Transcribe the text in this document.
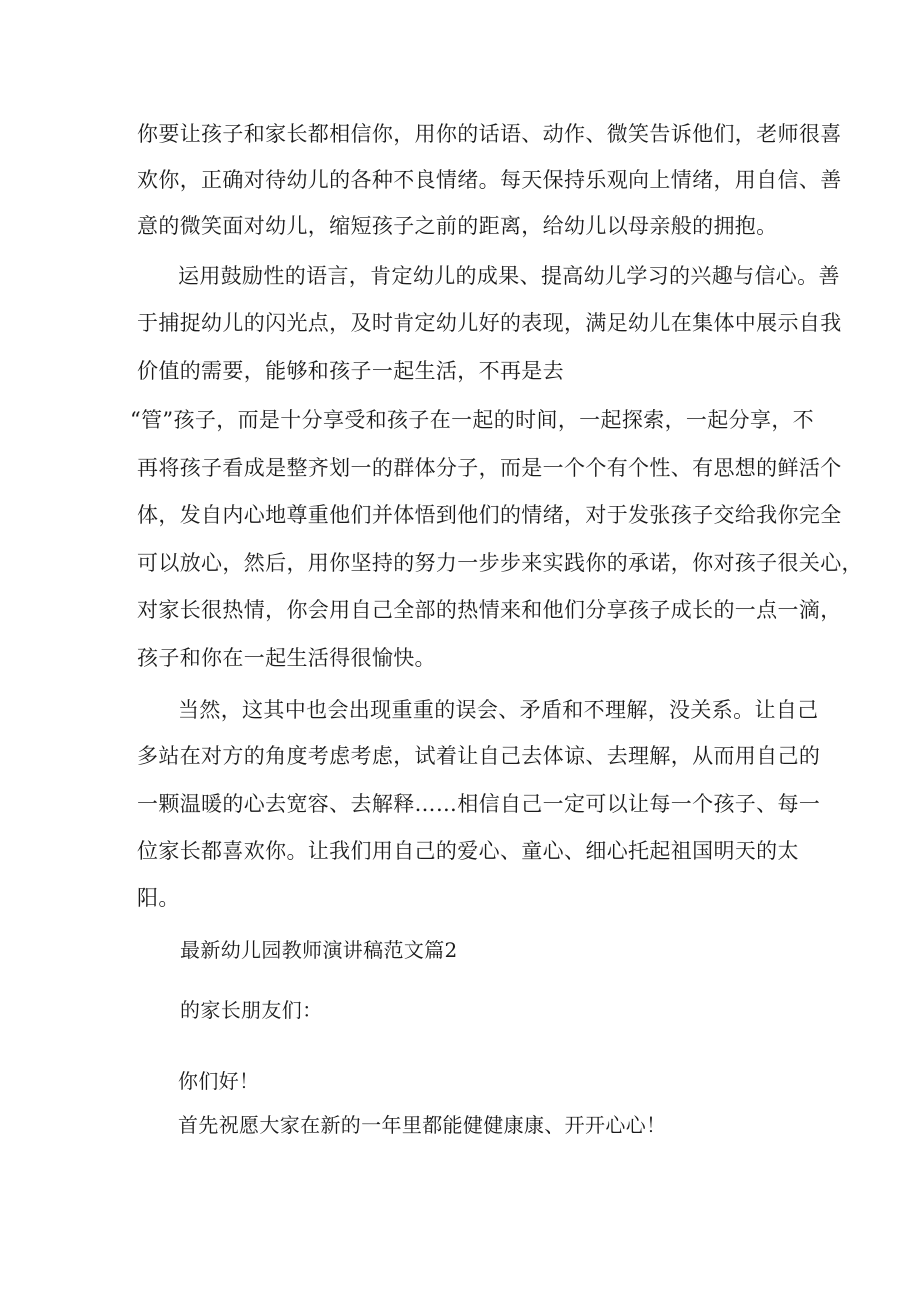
你要让孩子和家长都相信你，用你的话语、动作、微笑告诉他们，老师很喜
欢你，正确对待幼儿的各种不良情绪。每天保持乐观向上情绪，用自信、善
意的微笑面对幼儿，缩短孩子之前的距离，给幼儿以母亲般的拥抱。
运用鼓励性的语言，肯定幼儿的成果、提高幼儿学习的兴趣与信心。善
于捕捉幼儿的闪光点，及时肯定幼儿好的表现，满足幼儿在集体中展示自我
价值的需要，能够和孩子一起生活，不再是去
“管”孩子，而是十分享受和孩子在一起的时间，一起探索，一起分享，不
再将孩子看成是整齐划一的群体分子，而是一个个有个性、有思想的鲜活个
体，发自内心地尊重他们并体悟到他们的情绪，对于发张孩子交给我你完全
可以放心，然后，用你坚持的努力一步步来实践你的承诺，你对孩子很关心，
对家长很热情，你会用自己全部的热情来和他们分享孩子成长的一点一滴，
孩子和你在一起生活得很愉快。
当然，这其中也会出现重重的误会、矛盾和不理解，没关系。让自己
多站在对方的角度考虑考虑，试着让自己去体谅、去理解，从而用自己的
一颗温暖的心去宽容、去解释……相信自己一定可以让每一个孩子、每一
位家长都喜欢你。让我们用自己的爱心、童心、细心托起祖国明天的太
阳。
最新幼儿园教师演讲稿范文篇2
的家长朋友们：
你们好！
首先祝愿大家在新的一年里都能健健康康、开开心心！
